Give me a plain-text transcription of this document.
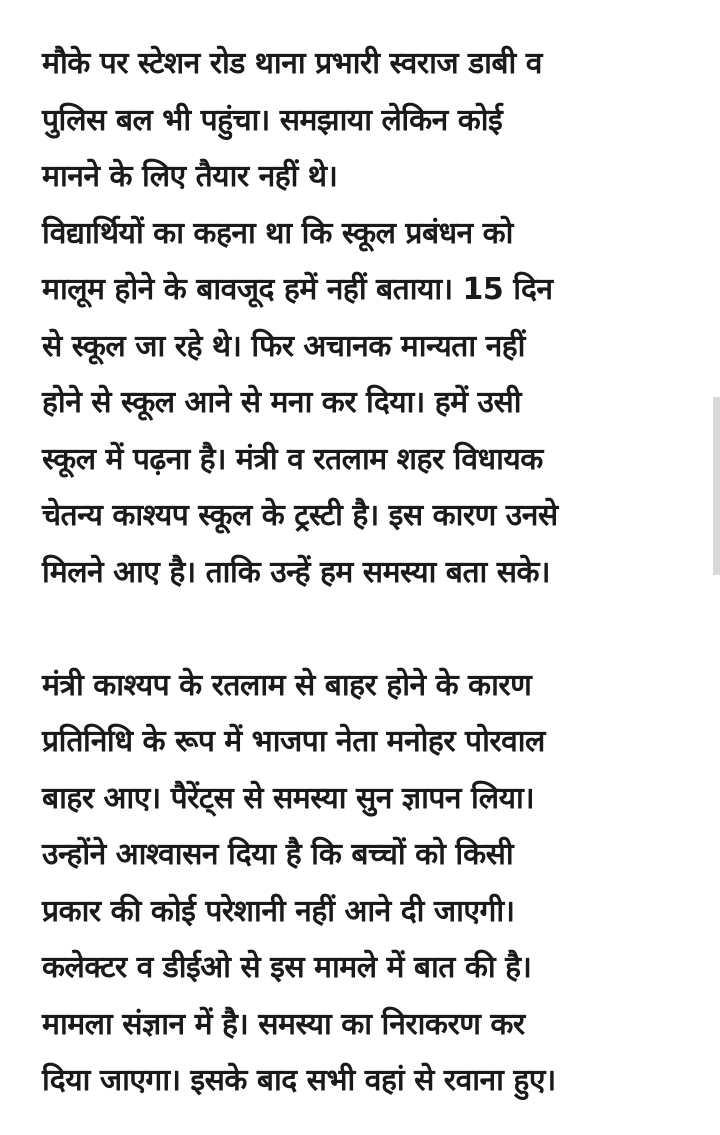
मौके पर स्टेशन रोड थाना प्रभारी स्वराज डाबी व
पुलिस बल भी पहुंचा। समझाया लेकिन कोई
मानने के लिए तैयार नहीं थे।

विद्यार्थियों का कहना था कि स्कूल प्रबंधन को
मालूम होने के बावजूद हमें नहीं बताया। 15 दिन
से स्कूल जा रहे थे। फिर अचानक मान्यता नहीं
होने से स्कूल आने से मना कर दिया। हमें उसी
स्कूल में पढ़ना है। मंत्री व रतलाम शहर विधायक
चेतन्य काश्यप स्कूल के ट्रस्टी है। इस कारण उनसे
मिलने आए है। ताकि उन्हें हम समस्या बता सके।

मंत्री काश्यप के रतलाम से बाहर होने के कारण
प्रतिनिधि के रूप में भाजपा नेता मनोहर पोरवाल
बाहर आए। पैरेंट्स से समस्या सुन ज्ञापन लिया।
उन्होंने आश्वासन दिया है कि बच्चों को किसी
प्रकार की कोई परेशानी नहीं आने दी जाएगी।
कलेक्टर व डीईओ से इस मामले में बात की है।
मामला संज्ञान में है। समस्या का निराकरण कर
दिया जाएगा। इसके बाद सभी वहां से रवाना हुए।
